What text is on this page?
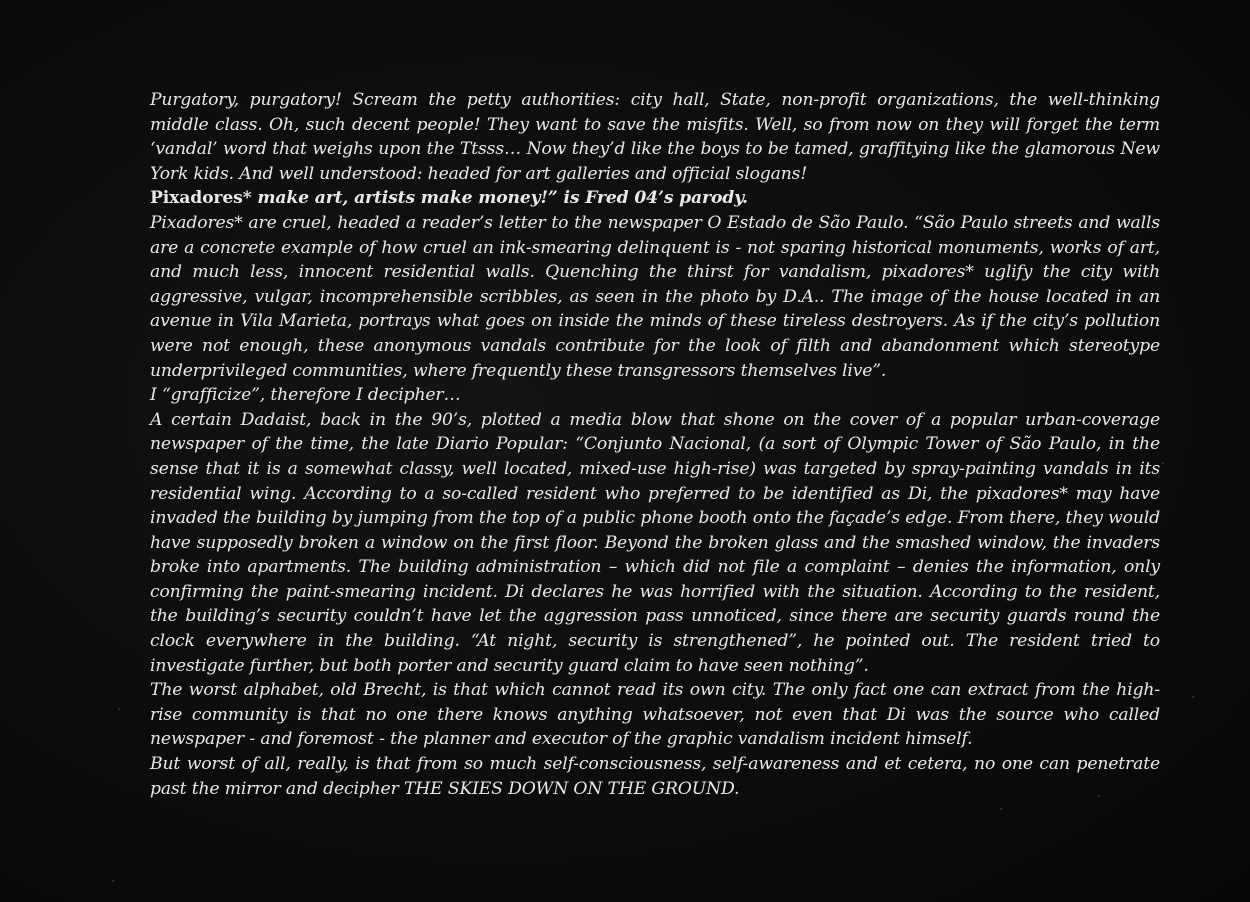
Purgatory, purgatory! Scream the petty authorities: city hall, State, non-profit organizations, the well-thinking middle class. Oh, such decent people! They want to save the misfits. Well, so from now on they will forget the term ‘vandal’ word that weighs upon the Ttsss… Now they’d like the boys to be tamed, graffitying like the glamorous New York kids. And well understood: headed for art galleries and official slogans!

Pixadores* make art, artists make money!” is Fred 04’s parody.

Pixadores* are cruel, headed a reader’s letter to the newspaper O Estado de São Paulo. “São Paulo streets and walls are a concrete example of how cruel an ink-smearing delinquent is - not sparing historical monuments, works of art, and much less, innocent residential walls. Quenching the thirst for vandalism, pixadores* uglify the city with aggressive, vulgar, incomprehensible scribbles, as seen in the photo by D.A.. The image of the house located in an avenue in Vila Marieta, portrays what goes on inside the minds of these tireless destroyers. As if the city’s pollution were not enough, these anonymous vandals contribute for the look of filth and abandonment which stereotype underprivileged communities, where frequently these transgressors themselves live”.

I “grafficize”, therefore I decipher…

A certain Dadaist, back in the 90’s, plotted a media blow that shone on the cover of a popular urban-coverage newspaper of the time, the late Diario Popular: “Conjunto Nacional, (a sort of Olympic Tower of São Paulo, in the sense that it is a somewhat classy, well located, mixed-use high-rise) was targeted by spray-painting vandals in its residential wing. According to a so-called resident who preferred to be identified as Di, the pixadores* may have invaded the building by jumping from the top of a public phone booth onto the façade’s edge. From there, they would have supposedly broken a window on the first floor. Beyond the broken glass and the smashed window, the invaders broke into apartments. The building administration – which did not file a complaint – denies the information, only confirming the paint-smearing incident. Di declares he was horrified with the situation. According to the resident, the building’s security couldn’t have let the aggression pass unnoticed, since there are security guards round the clock everywhere in the building. “At night, security is strengthened”, he pointed out. The resident tried to investigate further, but both porter and security guard claim to have seen nothing”.

The worst alphabet, old Brecht, is that which cannot read its own city. The only fact one can extract from the high-rise community is that no one there knows anything whatsoever, not even that Di was the source who called newspaper - and foremost - the planner and executor of the graphic vandalism incident himself.

But worst of all, really, is that from so much self-consciousness, self-awareness and et cetera, no one can penetrate past the mirror and decipher THE SKIES DOWN ON THE GROUND.
